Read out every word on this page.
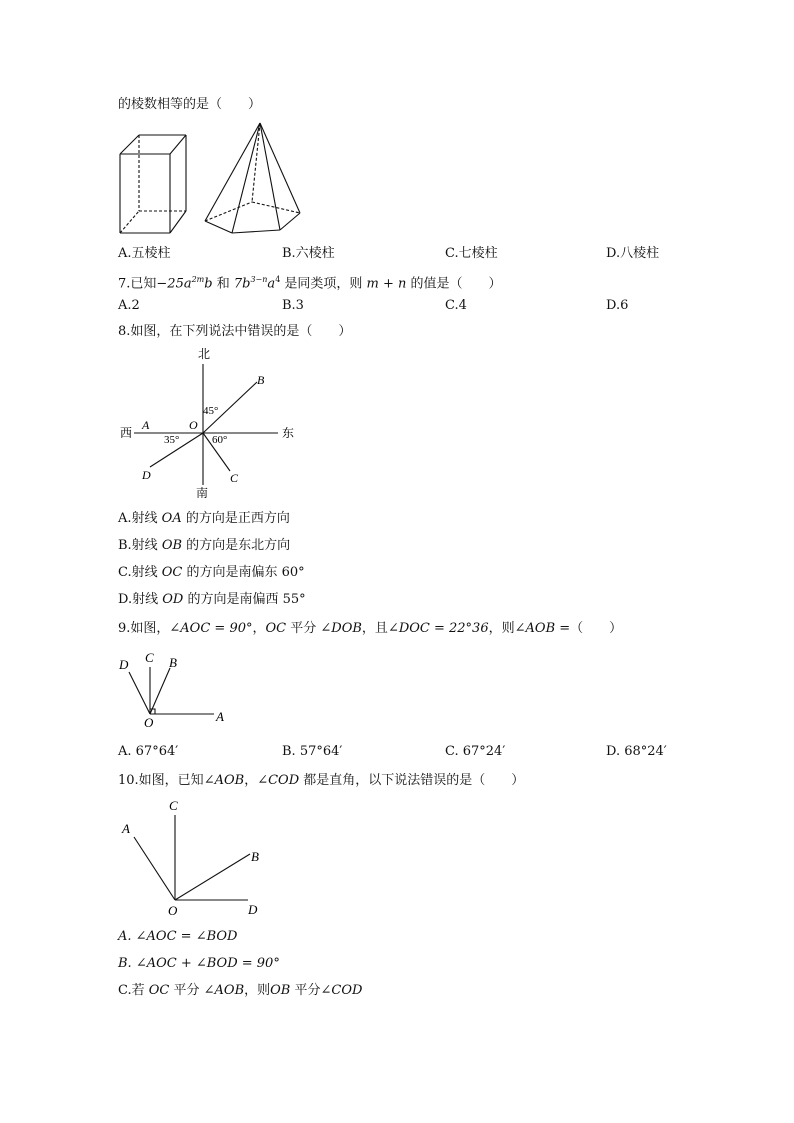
的棱数相等的是（　　）
A.五棱柱	B.六棱柱	C.七棱柱	D.八棱柱
7.已知$-25a^{2m}b$ 和 $7b^{3-n}a^4$ 是同类项，则 m + n 的值是（　　）
A.2	B.3	C.4	D.6
8.如图，在下列说法中错误的是（　　）
北
南
西	东
A
B
C
D
O
45°
35°	60°
A.射线 OA 的方向是正西方向
B.射线 OB 的方向是东北方向
C.射线 OC 的方向是南偏东 60°
D.射线 OD 的方向是南偏西 55°
9.如图，∠AOC = 90°，OC 平分 ∠DOB，且∠DOC = 22°36，则∠AOB =（　　）
D C B
O	A
A. 67°64′	B. 57°64′	C. 67°24′	D. 68°24′
10.如图，已知∠AOB，∠COD 都是直角，以下说法错误的是（　　）
C
A
B
O	D
A. ∠AOC = ∠BOD
B. ∠AOC + ∠BOD = 90°
C.若 OC 平分 ∠AOB，则OB 平分∠COD
